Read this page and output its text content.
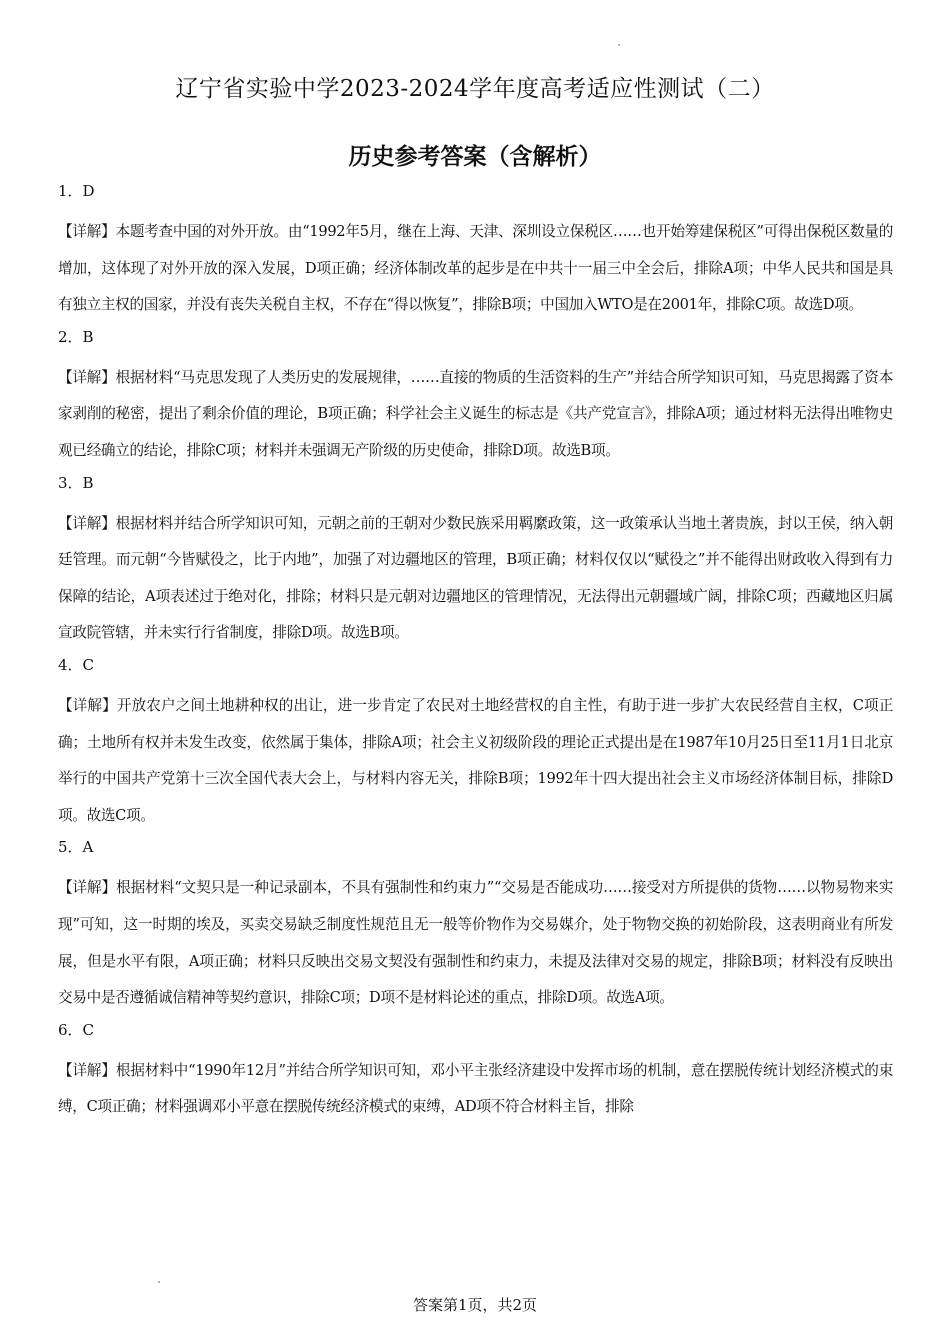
辽宁省实验中学2023-2024学年度高考适应性测试（二）
历史参考答案（含解析）

1．D

【详解】本题考查中国的对外开放。由“1992年5月，继在上海、天津、深圳设立保税区……也开始筹建保税区”可得出保税区数量的增加，这体现了对外开放的深入发展，D项正确；经济体制改革的起步是在中共十一届三中全会后，排除A项；中华人民共和国是具有独立主权的国家，并没有丧失关税自主权，不存在“得以恢复”，排除B项；中国加入WTO是在2001年，排除C项。故选D项。

2．B

【详解】根据材料“马克思发现了人类历史的发展规律，……直接的物质的生活资料的生产”并结合所学知识可知，马克思揭露了资本家剥削的秘密，提出了剩余价值的理论，B项正确；科学社会主义诞生的标志是《共产党宣言》，排除A项；通过材料无法得出唯物史观已经确立的结论，排除C项；材料并未强调无产阶级的历史使命，排除D项。故选B项。

3．B

【详解】根据材料并结合所学知识可知，元朝之前的王朝对少数民族采用羁縻政策，这一政策承认当地土著贵族，封以王侯，纳入朝廷管理。而元朝“今皆赋役之，比于内地”，加强了对边疆地区的管理，B项正确；材料仅仅以“赋役之”并不能得出财政收入得到有力保障的结论，A项表述过于绝对化，排除；材料只是元朝对边疆地区的管理情况，无法得出元朝疆域广阔，排除C项；西藏地区归属宣政院管辖，并未实行行省制度，排除D项。故选B项。

4．C

【详解】开放农户之间土地耕种权的出让，进一步肯定了农民对土地经营权的自主性，有助于进一步扩大农民经营自主权，C项正确；土地所有权并未发生改变，依然属于集体，排除A项；社会主义初级阶段的理论正式提出是在1987年10月25日至11月1日北京举行的中国共产党第十三次全国代表大会上，与材料内容无关，排除B项；1992年十四大提出社会主义市场经济体制目标，排除D项。故选C项。

5．A

【详解】根据材料“文契只是一种记录副本，不具有强制性和约束力”“交易是否能成功……接受对方所提供的货物……以物易物来实现”可知，这一时期的埃及，买卖交易缺乏制度性规范且无一般等价物作为交易媒介，处于物物交换的初始阶段，这表明商业有所发展，但是水平有限，A项正确；材料只反映出交易文契没有强制性和约束力，未提及法律对交易的规定，排除B项；材料没有反映出交易中是否遵循诚信精神等契约意识，排除C项；D项不是材料论述的重点，排除D项。故选A项。

6．C

【详解】根据材料中“1990年12月”并结合所学知识可知，邓小平主张经济建设中发挥市场的机制，意在摆脱传统计划经济模式的束缚，C项正确；材料强调邓小平意在摆脱传统经济模式的束缚，AD项不符合材料主旨，排除

答案第1页，共2页
